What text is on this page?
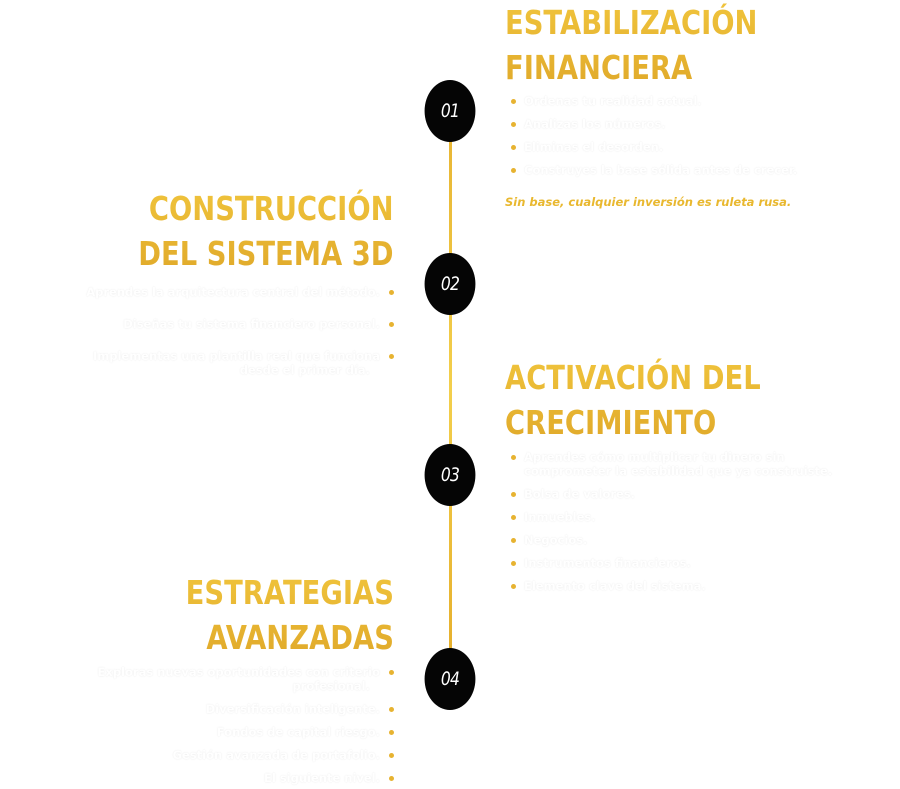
01
ESTABILIZACIÓN
FINANCIERA
Ordenas tu realidad actual.
Analizas los números.
Eliminas el desorden.
Construyes la base sólida antes de crecer.

Sin base, cualquier inversión es ruleta rusa.

02
CONSTRUCCIÓN
DEL SISTEMA 3D
Aprendes la arquitectura central del método.
Diseñas tu sistema financiero personal.
Implementas una plantilla real que funciona
desde el primer día.
03
ACTIVACIÓN DEL
CRECIMIENTO
Aprendes cómo multiplicar tu dinero sin
comprometer la estabilidad que ya construiste.
Bolsa de valores.
Inmuebles.
Negocios.
Instrumentos financieros.
Elemento clave del sistema.
04
ESTRATEGIAS
AVANZADAS
Exploras nuevas oportunidades con criterio
profesional.
Diversificación inteligente.
Fondos de capital riesgo.
Gestión avanzada de portafolio.
El siguiente nivel.
